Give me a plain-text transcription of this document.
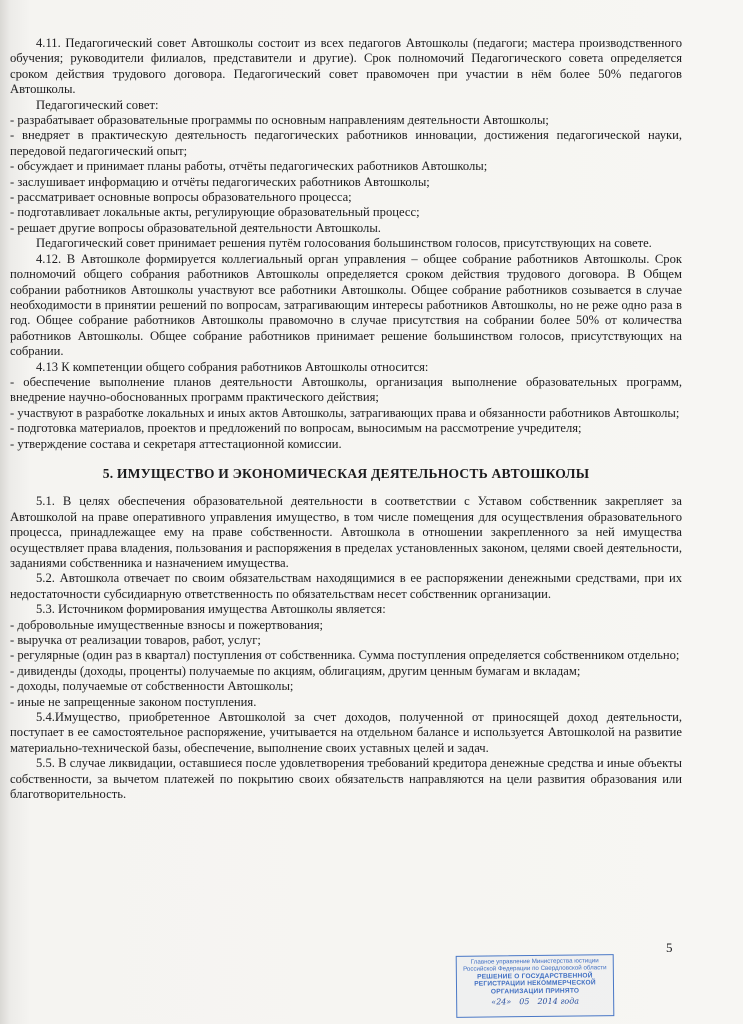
4.11. Педагогический совет Автошколы состоит из всех педагогов Автошколы (педагоги; мастера производственного обучения; руководители филиалов, представители и другие). Срок полномочий Педагогического совета определяется сроком действия трудового договора. Педагогический совет правомочен при участии в нём более 50% педагогов Автошколы.

Педагогический совет:

- разрабатывает образовательные программы по основным направлениям деятельности Автошколы;

- внедряет в практическую деятельность педагогических работников инновации, достижения педагогической науки, передовой педагогический опыт;

- обсуждает и принимает планы работы, отчёты педагогических работников Автошколы;

- заслушивает информацию и отчёты педагогических работников Автошколы;

- рассматривает основные вопросы образовательного процесса;

- подготавливает локальные акты, регулирующие образовательный процесс;

- решает другие вопросы образовательной деятельности Автошколы.

Педагогический совет принимает решения путём голосования большинством голосов, присутствующих на совете.

4.12. В Автошколе формируется коллегиальный орган управления – общее собрание работников Автошколы. Срок полномочий общего собрания работников Автошколы определяется сроком действия трудового договора. В Общем собрании работников Автошколы участвуют все работники Автошколы. Общее собрание работников созывается в случае необходимости в принятии решений по вопросам, затрагивающим интересы работников Автошколы, но не реже одно раза в год. Общее собрание работников Автошколы правомочно в случае присутствия на собрании более 50% от количества работников Автошколы. Общее собрание работников принимает решение большинством голосов, присутствующих на собрании.

4.13 К компетенции общего собрания работников Автошколы относится:

- обеспечение выполнение планов деятельности Автошколы, организация выполнение образовательных программ, внедрение научно-обоснованных программ практического действия;

- участвуют в разработке локальных и иных актов Автошколы, затрагивающих права и обязанности работников Автошколы;

- подготовка материалов, проектов и предложений по вопросам, выносимым на рассмотрение учредителя;

- утверждение состава и секретаря аттестационной комиссии.

5. ИМУЩЕСТВО И ЭКОНОМИЧЕСКАЯ ДЕЯТЕЛЬНОСТЬ АВТОШКОЛЫ

5.1. В целях обеспечения образовательной деятельности в соответствии с Уставом собственник закрепляет за Автошколой на праве оперативного управления имущество, в том числе помещения для осуществления образовательного процесса, принадлежащее ему на праве собственности. Автошкола в отношении закрепленного за ней имущества осуществляет права владения, пользования и распоряжения в пределах установленных законом, целями своей деятельности, заданиями собственника и назначением имущества.

5.2. Автошкола отвечает по своим обязательствам находящимися в ее распоряжении денежными средствами, при их недостаточности субсидиарную ответственность по обязательствам несет собственник организации.

5.3. Источником формирования имущества Автошколы является:

- добровольные имущественные взносы и пожертвования;

- выручка от реализации товаров, работ, услуг;

- регулярные (один раз в квартал) поступления от собственника. Сумма поступления определяется собственником отдельно;

- дивиденды (доходы, проценты) получаемые по акциям, облигациям, другим ценным бумагам и вкладам;

- доходы, получаемые от собственности Автошколы;

- иные не запрещенные законом поступления.

5.4.Имущество, приобретенное Автошколой за счет доходов, полученной от приносящей доход деятельности, поступает в ее самостоятельное распоряжение, учитывается на отдельном балансе и используется Автошколой на развитие материально-технической базы, обеспечение, выполнение своих уставных целей и задач.

5.5. В случае ликвидации, оставшиеся после удовлетворения требований кредитора денежные средства и иные объекты собственности, за вычетом платежей по покрытию своих обязательств направляются на цели развития образования или благотворительность.

5
Главное управление Министерства юстиции
Российской Федерации по Свердловской области
РЕШЕНИЕ О ГОСУДАРСТВЕННОЙ
РЕГИСТРАЦИИ НЕКОММЕРЧЕСКОЙ
ОРГАНИЗАЦИИ ПРИНЯТО
«24» 05 2014 года
